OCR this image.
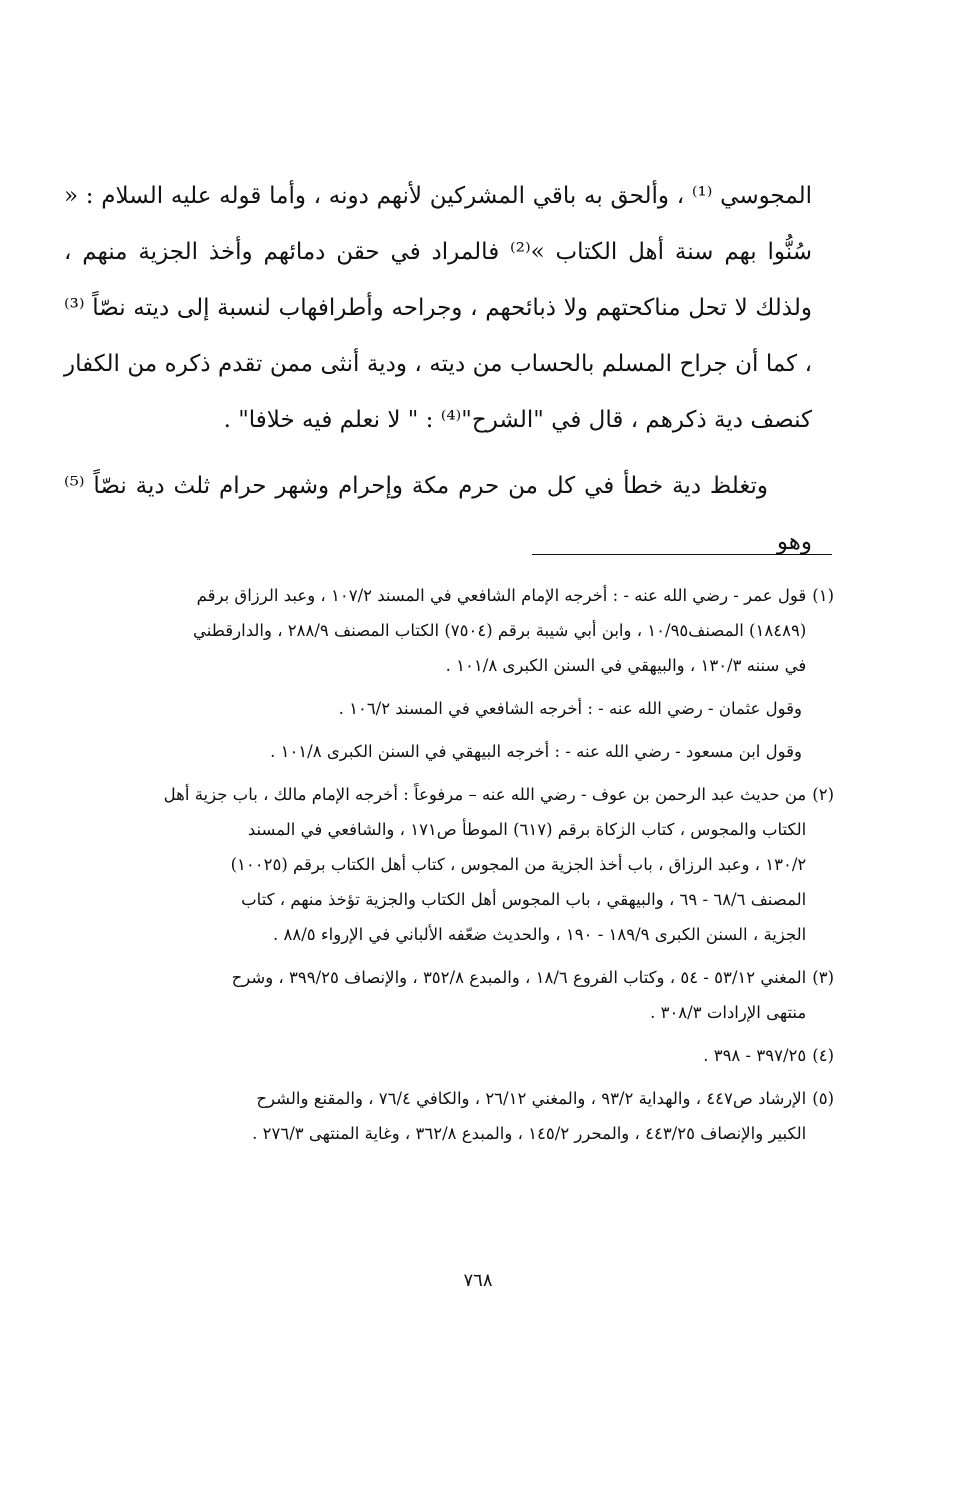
المجوسي ⁽¹⁾ ، وألحق به باقي المشركين لأنهم دونه ، وأما قوله عليه السلام : « سُنُّوا بهم سنة أهل الكتاب »⁽²⁾ فالمراد في حقن دمائهم وأخذ الجزية منهم ، ولذلك لا تحل مناكحتهم ولا ذبائحهم ، وجراحه وأطرافهاب لنسبة إلى ديته نصّاً ⁽³⁾ ، كما أن جراح المسلم بالحساب من ديته ، ودية أنثى ممن تقدم ذكره من الكفار كنصف دية ذكرهم ، قال في "الشرح"⁽⁴⁾ : " لا نعلم فيه خلافا" .

وتغلظ دية خطأ في كل من حرم مكة وإحرام وشهر حرام ثلث دية نصّاً ⁽⁵⁾ وهو

(١)
قول عمر - رضي الله عنه - : أخرجه الإمام الشافعي في المسند ١٠٧/٢ ، وعبد الرزاق برقم
(١٨٤٨٩) المصنف١٠/٩٥ ، وابن أبي شيبة برقم (٧٥٠٤) الكتاب المصنف ٢٨٨/٩ ، والدارقطني
في سننه ١٣٠/٣ ، والبيهقي في السنن الكبرى ١٠١/٨ .
وقول عثمان - رضي الله عنه - : أخرجه الشافعي في المسند ١٠٦/٢ .
وقول ابن مسعود - رضي الله عنه - : أخرجه البيهقي في السنن الكبرى ١٠١/٨ .
(٢)
من حديث عبد الرحمن بن عوف - رضي الله عنه – مرفوعاً : أخرجه الإمام مالك ، باب جزية أهل
الكتاب والمجوس ، كتاب الزكاة برقم (٦١٧) الموطأ ص١٧١ ، والشافعي في المسند
١٣٠/٢ ، وعبد الرزاق ، باب أخذ الجزية من المجوس ، كتاب أهل الكتاب برقم (١٠٠٢٥)
المصنف ٦٨/٦ - ٦٩ ، والبيهقي ، باب المجوس أهل الكتاب والجزية تؤخذ منهم ، كتاب
الجزية ، السنن الكبرى ١٨٩/٩ - ١٩٠ ، والحديث ضعّفه الألباني في الإرواء ٨٨/٥ .
(٣)
المغني ٥٣/١٢ - ٥٤ ، وكتاب الفروع ١٨/٦ ، والمبدع ٣٥٢/٨ ، والإنصاف ٣٩٩/٢٥ ، وشرح
منتهى الإرادات ٣٠٨/٣ .
(٤)
٣٩٧/٢٥ - ٣٩٨ .
(٥)
الإرشاد ص٤٤٧ ، والهداية ٩٣/٢ ، والمغني ٢٦/١٢ ، والكافي ٧٦/٤ ، والمقنع والشرح
الكبير والإنصاف ٤٤٣/٢٥ ، والمحرر ١٤٥/٢ ، والمبدع ٣٦٢/٨ ، وغاية المنتهى ٢٧٦/٣ .
٧٦٨
